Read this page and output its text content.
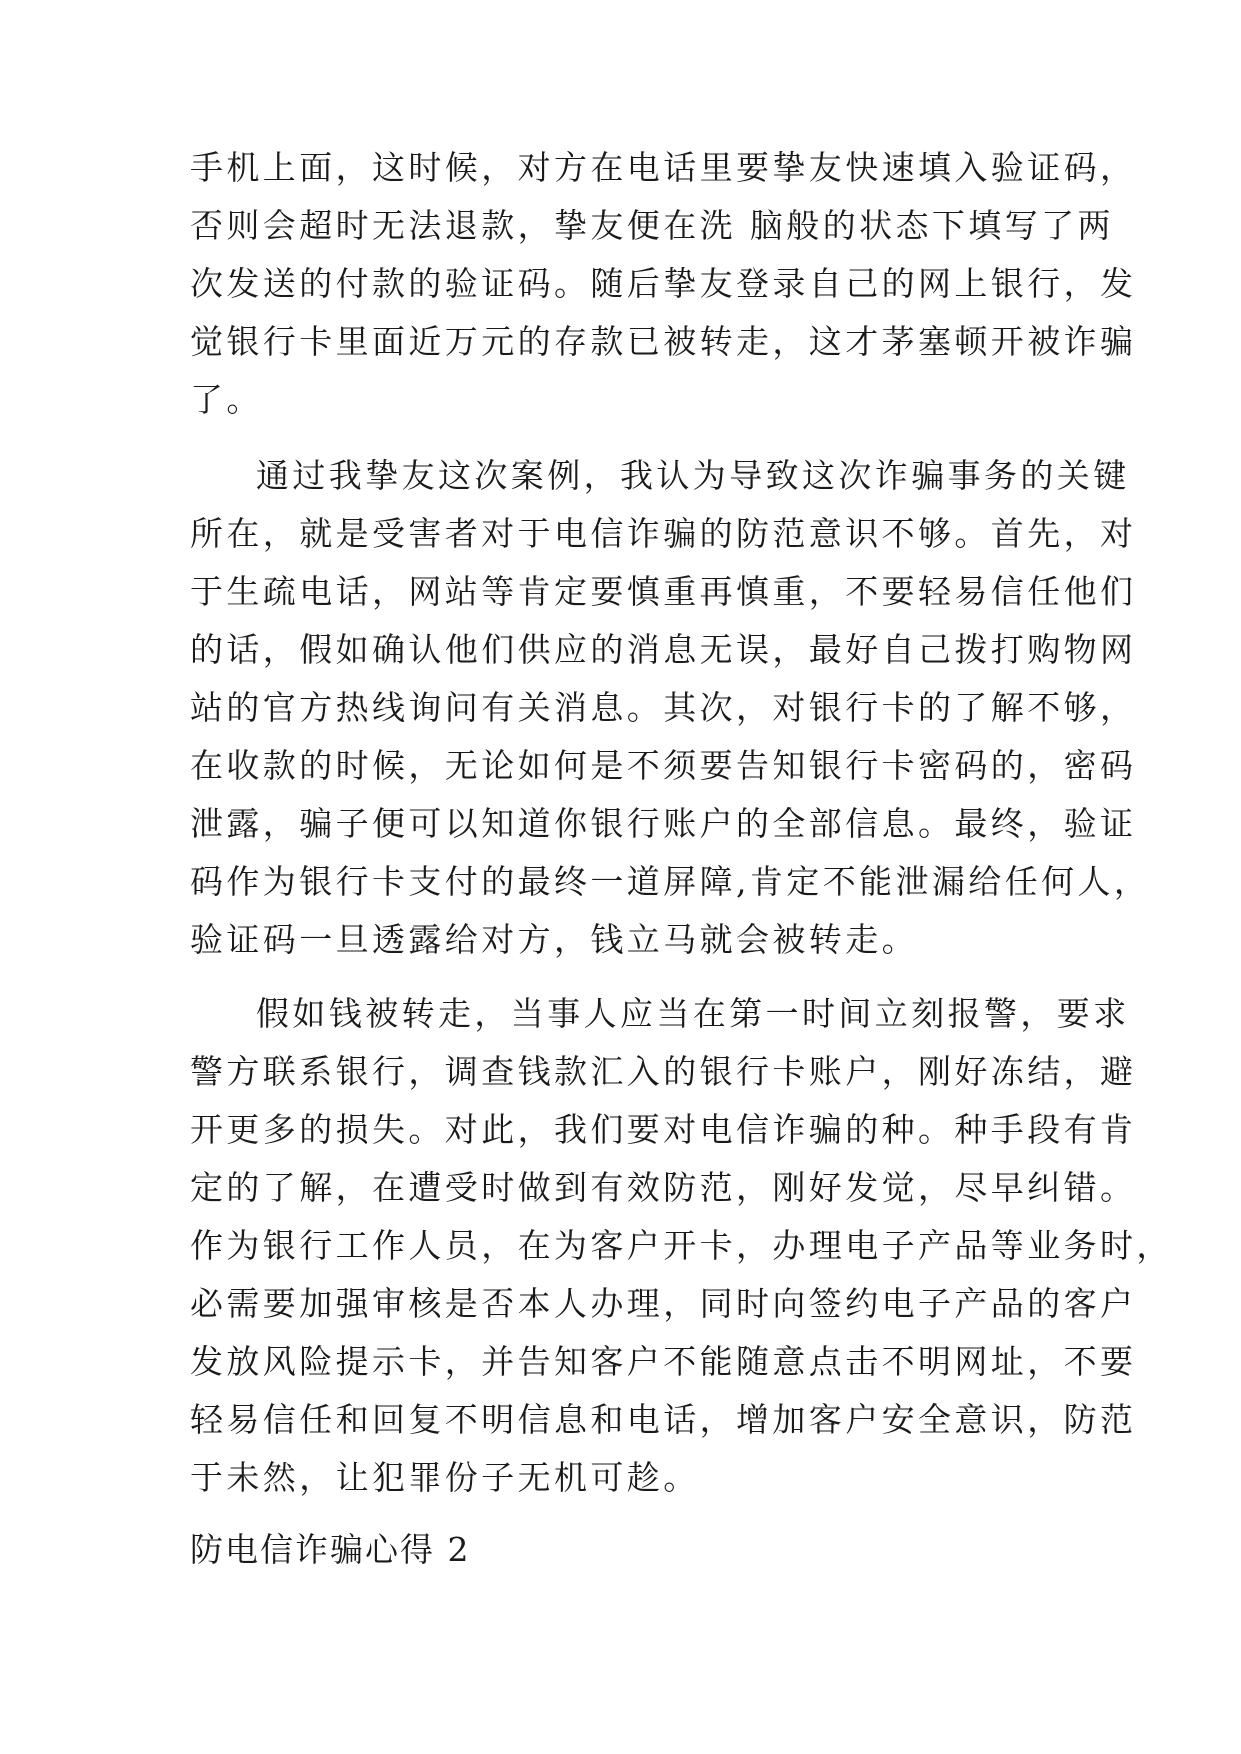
手机上面，这时候，对方在电话里要挚友快速填入验证码，
否则会超时无法退款，挚友便在洗 脑般的状态下填写了两
次发送的付款的验证码。随后挚友登录自己的网上银行，发
觉银行卡里面近万元的存款已被转走，这才茅塞顿开被诈骗
了。
通过我挚友这次案例，我认为导致这次诈骗事务的关键
所在，就是受害者对于电信诈骗的防范意识不够。首先，对
于生疏电话，网站等肯定要慎重再慎重，不要轻易信任他们
的话，假如确认他们供应的消息无误，最好自己拨打购物网
站的官方热线询问有关消息。其次，对银行卡的了解不够，
在收款的时候，无论如何是不须要告知银行卡密码的，密码
泄露，骗子便可以知道你银行账户的全部信息。最终，验证
码作为银行卡支付的最终一道屏障,肯定不能泄漏给任何人，
验证码一旦透露给对方，钱立马就会被转走。
假如钱被转走，当事人应当在第一时间立刻报警，要求
警方联系银行，调查钱款汇入的银行卡账户，刚好冻结，避
开更多的损失。对此，我们要对电信诈骗的种。种手段有肯
定的了解，在遭受时做到有效防范，刚好发觉，尽早纠错。
作为银行工作人员，在为客户开卡，办理电子产品等业务时，
必需要加强审核是否本人办理，同时向签约电子产品的客户
发放风险提示卡，并告知客户不能随意点击不明网址，不要
轻易信任和回复不明信息和电话，增加客户安全意识，防范
于未然，让犯罪份子无机可趁。
防电信诈骗心得 2
